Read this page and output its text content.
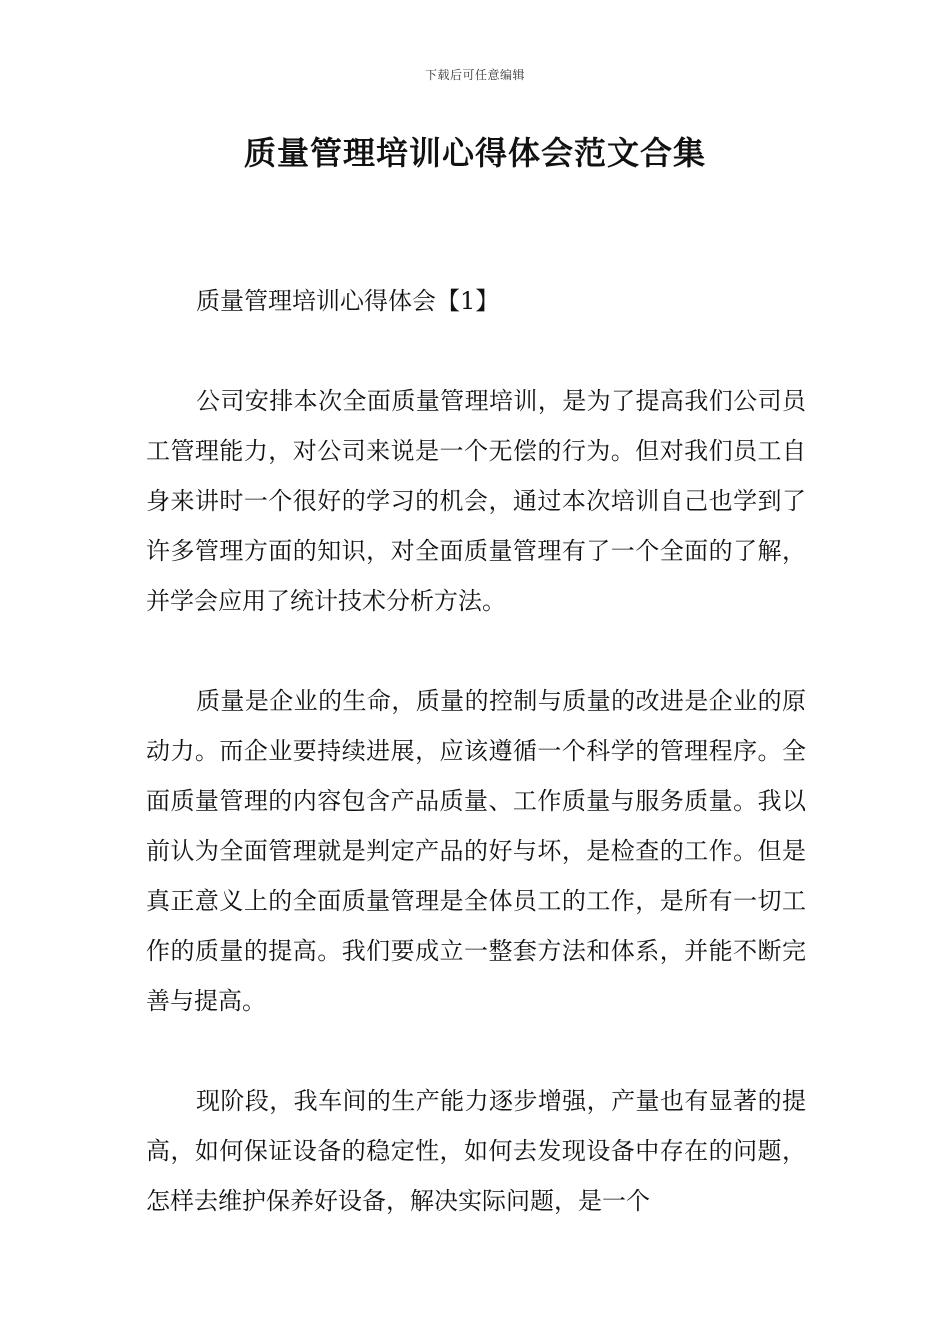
下载后可任意编辑
质量管理培训心得体会范文合集

质量管理培训心得体会【1】

公司安排本次全面质量管理培训，是为了提高我们公司员工管理能力，对公司来说是一个无偿的行为。但对我们员工自身来讲时一个很好的学习的机会，通过本次培训自己也学到了许多管理方面的知识，对全面质量管理有了一个全面的了解，并学会应用了统计技术分析方法。

质量是企业的生命，质量的控制与质量的改进是企业的原动力。而企业要持续进展，应该遵循一个科学的管理程序。全面质量管理的内容包含产品质量、工作质量与服务质量。我以前认为全面管理就是判定产品的好与坏，是检查的工作。但是真正意义上的全面质量管理是全体员工的工作，是所有一切工作的质量的提高。我们要成立一整套方法和体系，并能不断完善与提高。

现阶段，我车间的生产能力逐步增强，产量也有显著的提高，如何保证设备的稳定性，如何去发现设备中存在的问题，怎样去维护保养好设备，解决实际问题，是一个
